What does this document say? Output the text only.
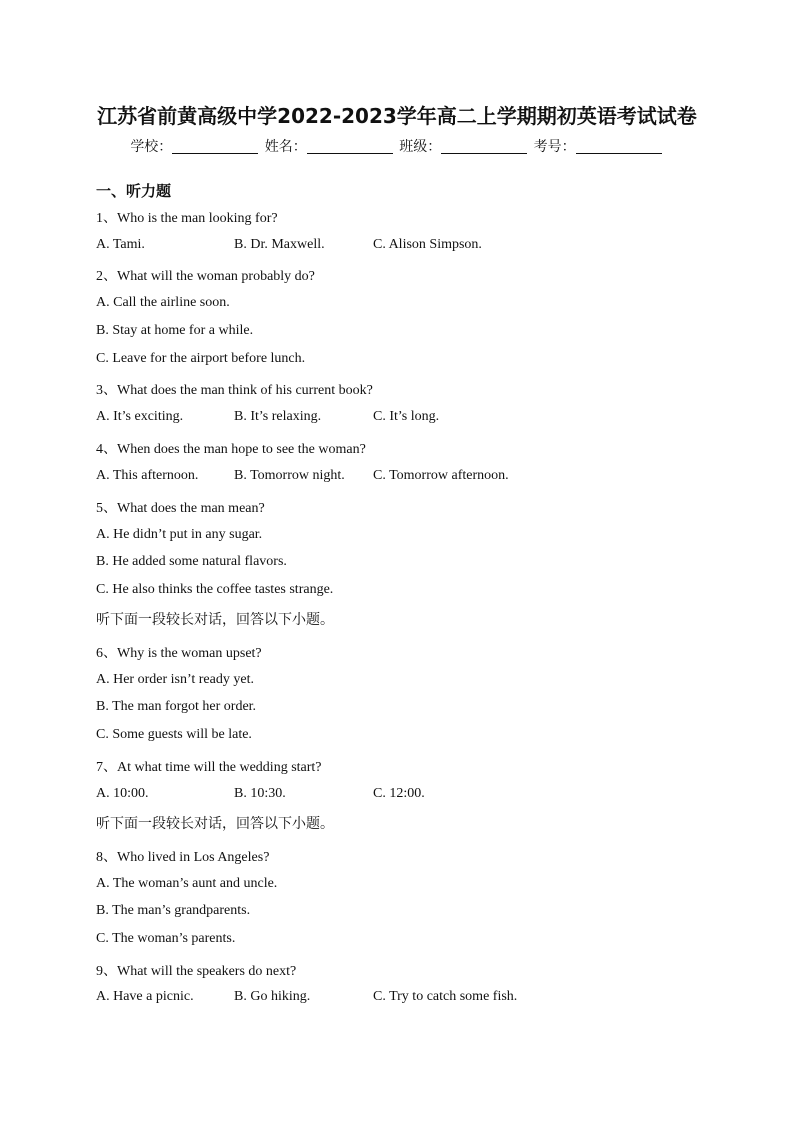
江苏省前黄高级中学2022-2023学年高二上学期期初英语考试试卷
学校：	姓名：	班级：	考号：
一、听力题
1、Who is the man looking for?
A. Tami.	B. Dr. Maxwell.	C. Alison Simpson.
2、What will the woman probably do?
A. Call the airline soon.
B. Stay at home for a while.
C. Leave for the airport before lunch.
3、What does the man think of his current book?
A. It’s exciting.	B. It’s relaxing.	C. It’s long.
4、When does the man hope to see the woman?
A. This afternoon.	B. Tomorrow night. C. Tomorrow afternoon.
5、What does the man mean?
A. He didn’t put in any sugar.
B. He added some natural flavors.
C. He also thinks the coffee tastes strange.
听下面一段较长对话，回答以下小题。
6、Why is the woman upset?
A. Her order isn’t ready yet.
B. The man forgot her order.
C. Some guests will be late.
7、At what time will the wedding start?
A. 10:00.	B. 10:30.	C. 12:00.
听下面一段较长对话，回答以下小题。
8、Who lived in Los Angeles?
A. The woman’s aunt and uncle.
B. The man’s grandparents.
C. The woman’s parents.
9、What will the speakers do next?
A. Have a picnic.	B. Go hiking.	C. Try to catch some fish.
